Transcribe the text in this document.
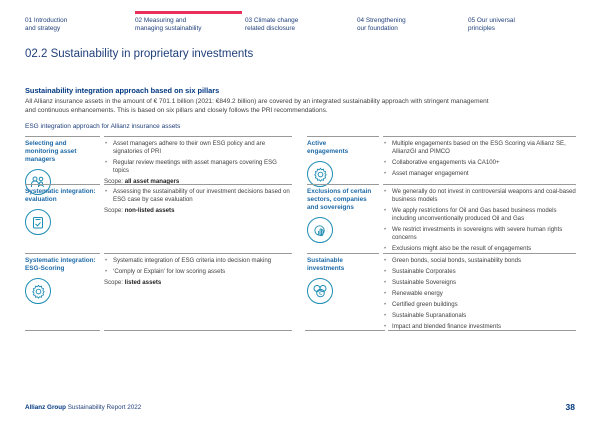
01 Introduction
and strategy
02 Measuring and
managing sustainability
03 Climate change
related disclosure
04 Strengthening
our foundation
05 Our universal
principles
02.2 Sustainability in proprietary investments
Sustainability integration approach based on six pillars
All Allianz insurance assets in the amount of € 701.1 billion (2021: €849.2 billion) are covered by an integrated sustainability approach with stringent management and continuous enhancements. This is based on six pillars and closely follows the PRI recommendations.
ESG integration approach for Allianz insurance assets
Selecting and monitoring asset managers
• Asset managers adhere to their own ESG policy and are signatories of PRI
• Regular review meetings with asset managers covering ESG topics
Scope: all asset managers
Systematic integration: evaluation
• Assessing the sustainability of our investment decisions based on ESG case by case evaluation
Scope: non-listed assets
Systematic integration: ESG-Scoring
• Systematic integration of ESG criteria into decision making
• ‘Comply or Explain’ for low scoring assets
Scope: listed assets
Active engagements
• Multiple engagements based on the ESG Scoring via Allianz SE, AllianzGI and PIMCO
• Collaborative engagements via CA100+
• Asset manager engagement
Exclusions of certain sectors, companies and sovereigns
• We generally do not invest in controversial weapons and coal-based business models
• We apply restrictions for Oil and Gas based business models including unconventionally produced Oil and Gas
• We restrict investments in sovereigns with severe human rights concerns
• Exclusions might also be the result of engagements
Sustainable investments
€
• Green bonds, social bonds, sustainability bonds
• Sustainable Corporates
• Sustainable Sovereigns
• Renewable energy
• Certified green buildings
• Sustainable Supranationals
• Impact and blended finance investments
Allianz Group Sustainability Report 2022	38
